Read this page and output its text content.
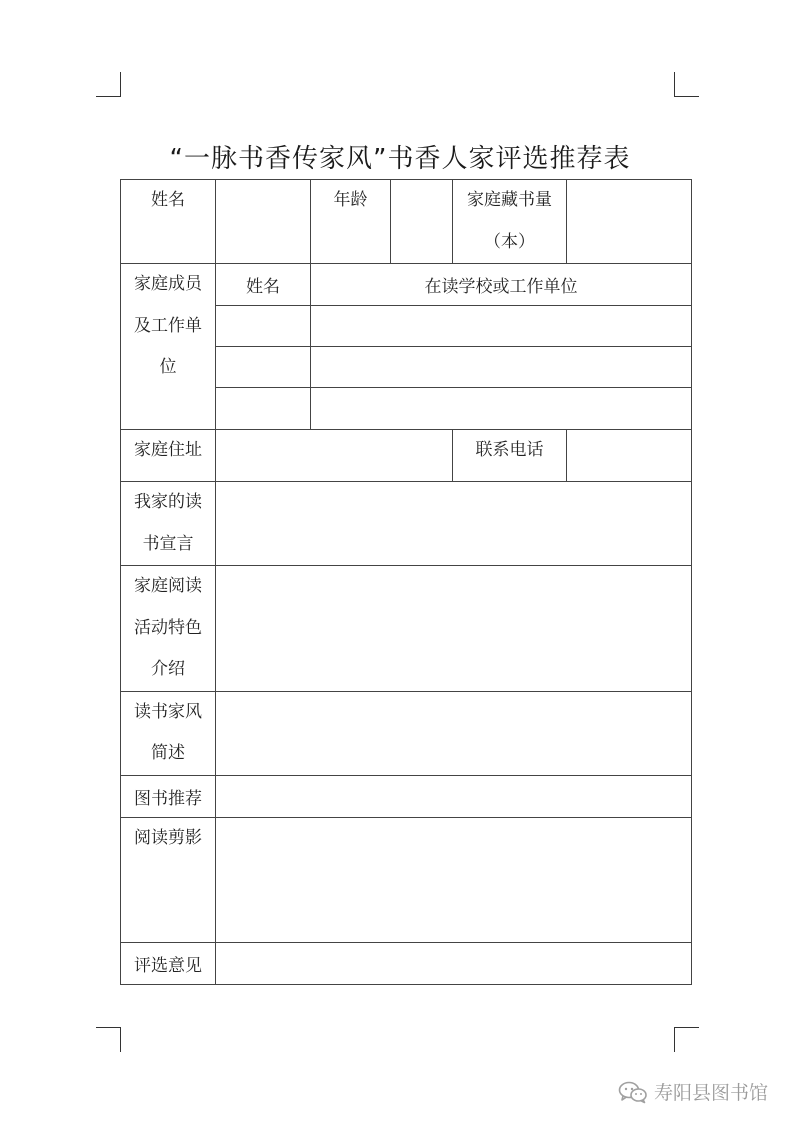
“一脉书香传家风”书香人家评选推荐表
姓名		年龄		家庭藏书量
（本）	

家庭成员
及工作单
位	姓名	在读学校或工作单位			

家庭住址				联系电话	

我家的读
书宣言					

家庭阅读
活动特色
介绍					

读书家风
简述					

图书推荐					

阅读剪影					

评选意见					
寿阳县图书馆
